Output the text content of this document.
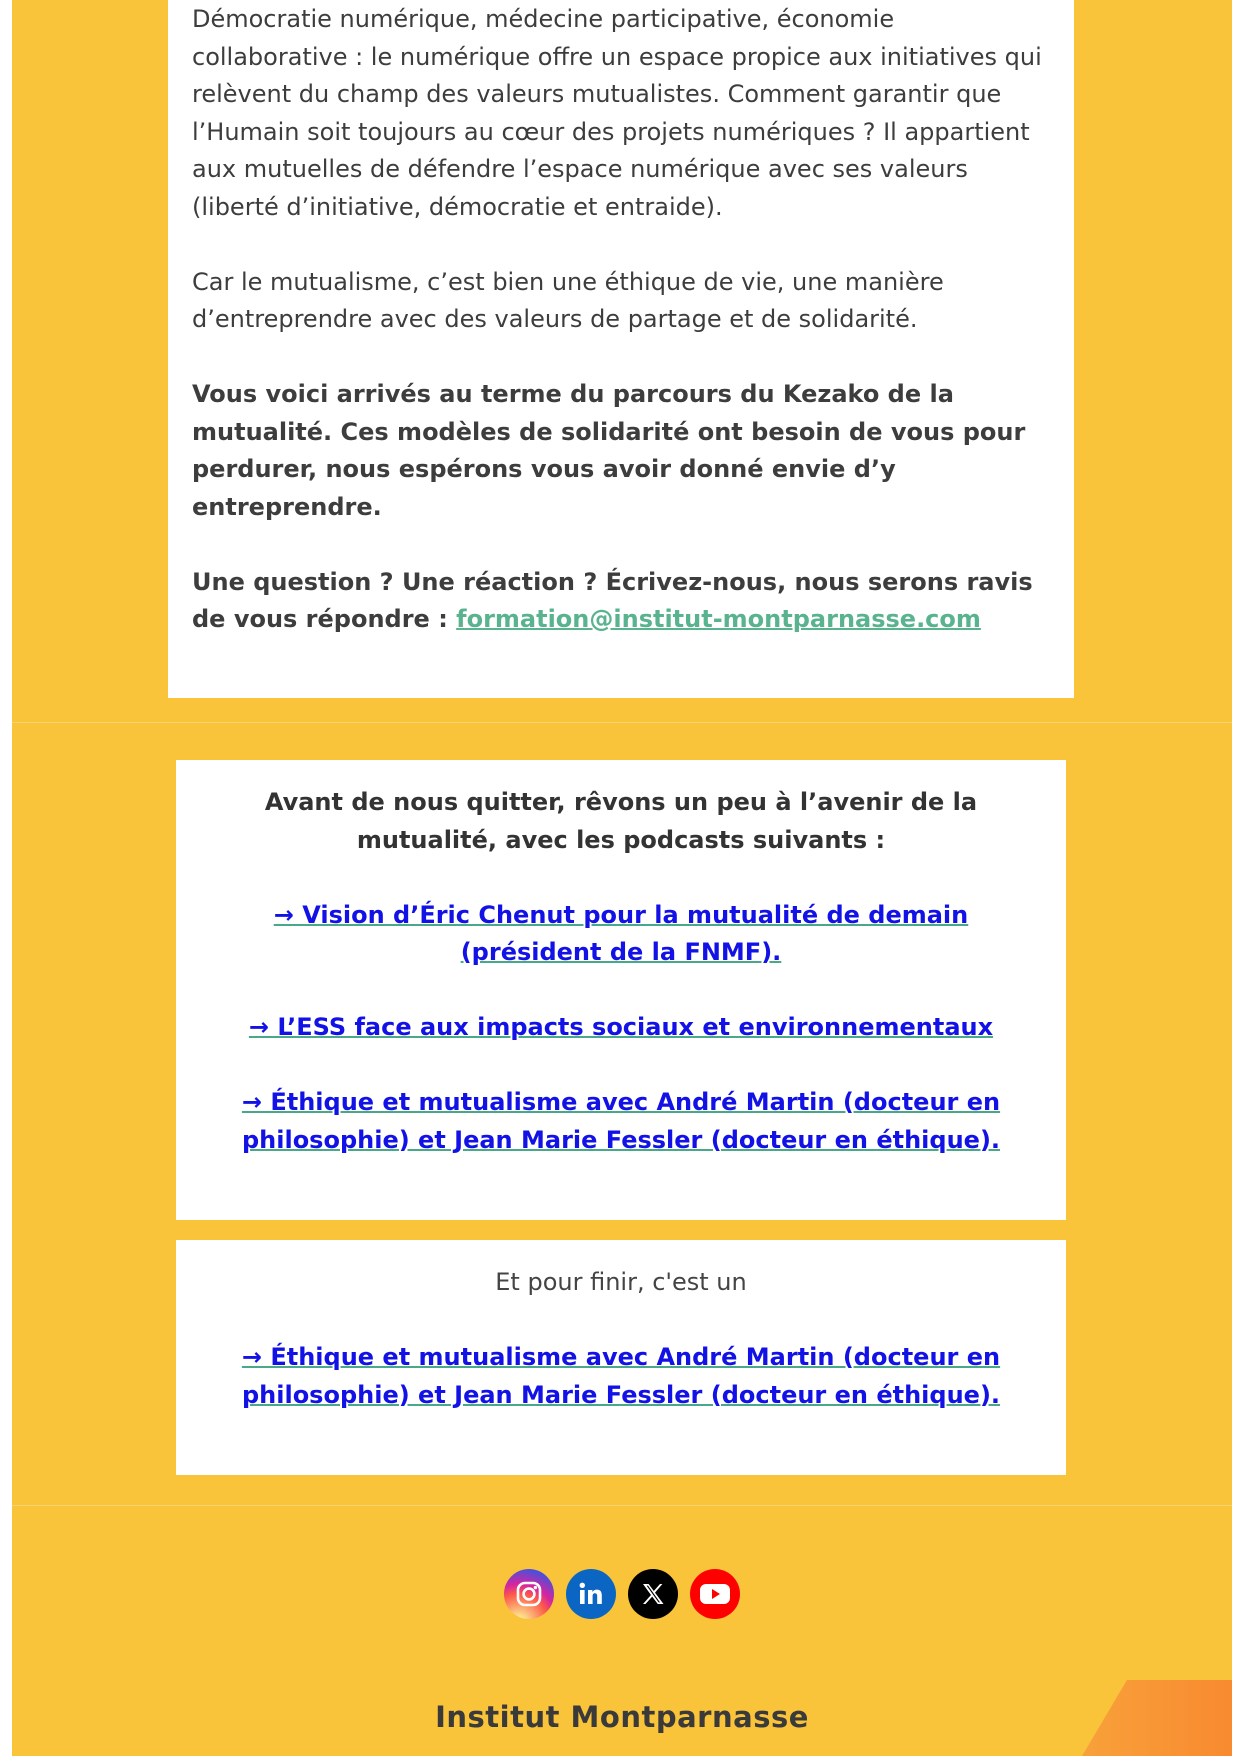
Démocratie numérique, médecine participative, économie collaborative : le numérique offre un espace propice aux initiatives qui relèvent du champ des valeurs mutualistes. Comment garantir que l’Humain soit toujours au cœur des projets numériques ? Il appartient aux mutuelles de défendre l’espace numérique avec ses valeurs (liberté d’initiative, démocratie et entraide).

Car le mutualisme, c’est bien une éthique de vie, une manière d’entreprendre avec des valeurs de partage et de solidarité.

Vous voici arrivés au terme du parcours du Kezako de la mutualité. Ces modèles de solidarité ont besoin de vous pour perdurer, nous espérons vous avoir donné envie d’y entreprendre.

Une question ? Une réaction ? Écrivez-nous, nous serons ravis de vous répondre : formation@institut-montparnasse.com

Avant de nous quitter, rêvons un peu à l’avenir de la mutualité, avec les podcasts suivants :

→ Vision d’Éric Chenut pour la mutualité de demain (président de la FNMF).
→ L’ESS face aux impacts sociaux et environnementaux
→ Éthique et mutualisme avec André Martin (docteur en philosophie) et Jean Marie Fessler (docteur en éthique).

Et pour finir, c'est un

→ Éthique et mutualisme avec André Martin (docteur en philosophie) et Jean Marie Fessler (docteur en éthique).
Institut Montparnasse
